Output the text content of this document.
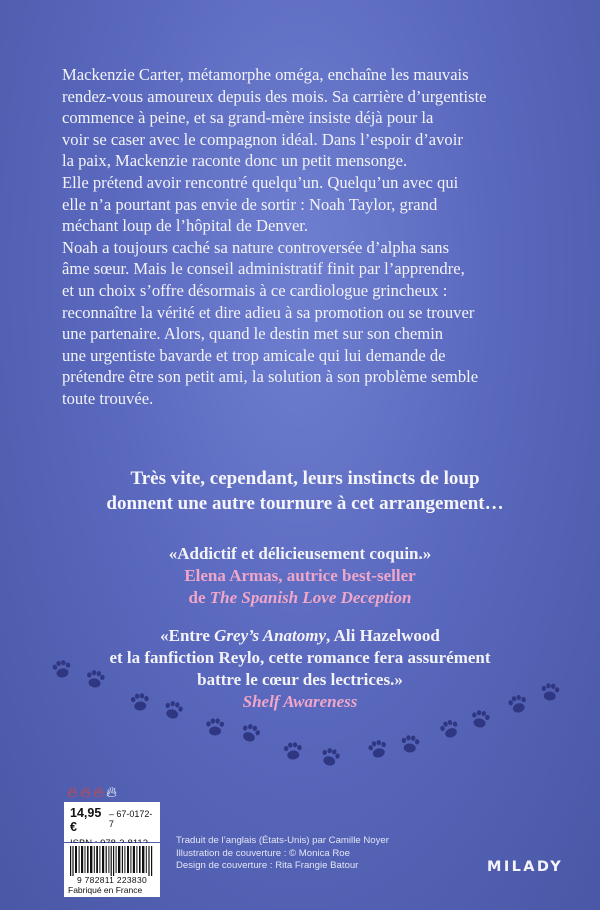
Mackenzie Carter, métamorphe oméga, enchaîne les mauvais

rendez-vous amoureux depuis des mois. Sa carrière d’urgentiste

commence à peine, et sa grand-mère insiste déjà pour la

voir se caser avec le compagnon idéal. Dans l’espoir d’avoir

la paix, Mackenzie raconte donc un petit mensonge.

Elle prétend avoir rencontré quelqu’un. Quelqu’un avec qui

elle n’a pourtant pas envie de sortir : Noah Taylor, grand

méchant loup de l’hôpital de Denver.

Noah a toujours caché sa nature controversée d’alpha sans

âme sœur. Mais le conseil administratif finit par l’apprendre,

et un choix s’offre désormais à ce cardiologue grincheux :

reconnaître la vérité et dire adieu à sa promotion ou se trouver

une partenaire. Alors, quand le destin met sur son chemin

une urgentiste bavarde et trop amicale qui lui demande de

prétendre être son petit ami, la solution à son problème semble

toute trouvée.

Très vite, cependant, leurs instincts de loup
donnent une autre tournure à cet arrangement…
«Addictif et délicieusement coquin.»
Elena Armas, autrice best-seller
de The Spanish Love Deception
«Entre Grey’s Anatomy, Ali Hazelwood
et la fanfiction Reylo, cette romance fera assurément
battre le cœur des lectrices.»
Shelf Awareness
🔥︎ 🔥︎ 🔥︎ 🔥︎
14,95 €
– 67-0172-7
9 782811 223830
Fabriqué en France
Traduit de l’anglais (États-Unis) par Camille Noyer
Illustration de couverture : © Monica Roe
Design de couverture : Rita Frangie Batour	MILADY
